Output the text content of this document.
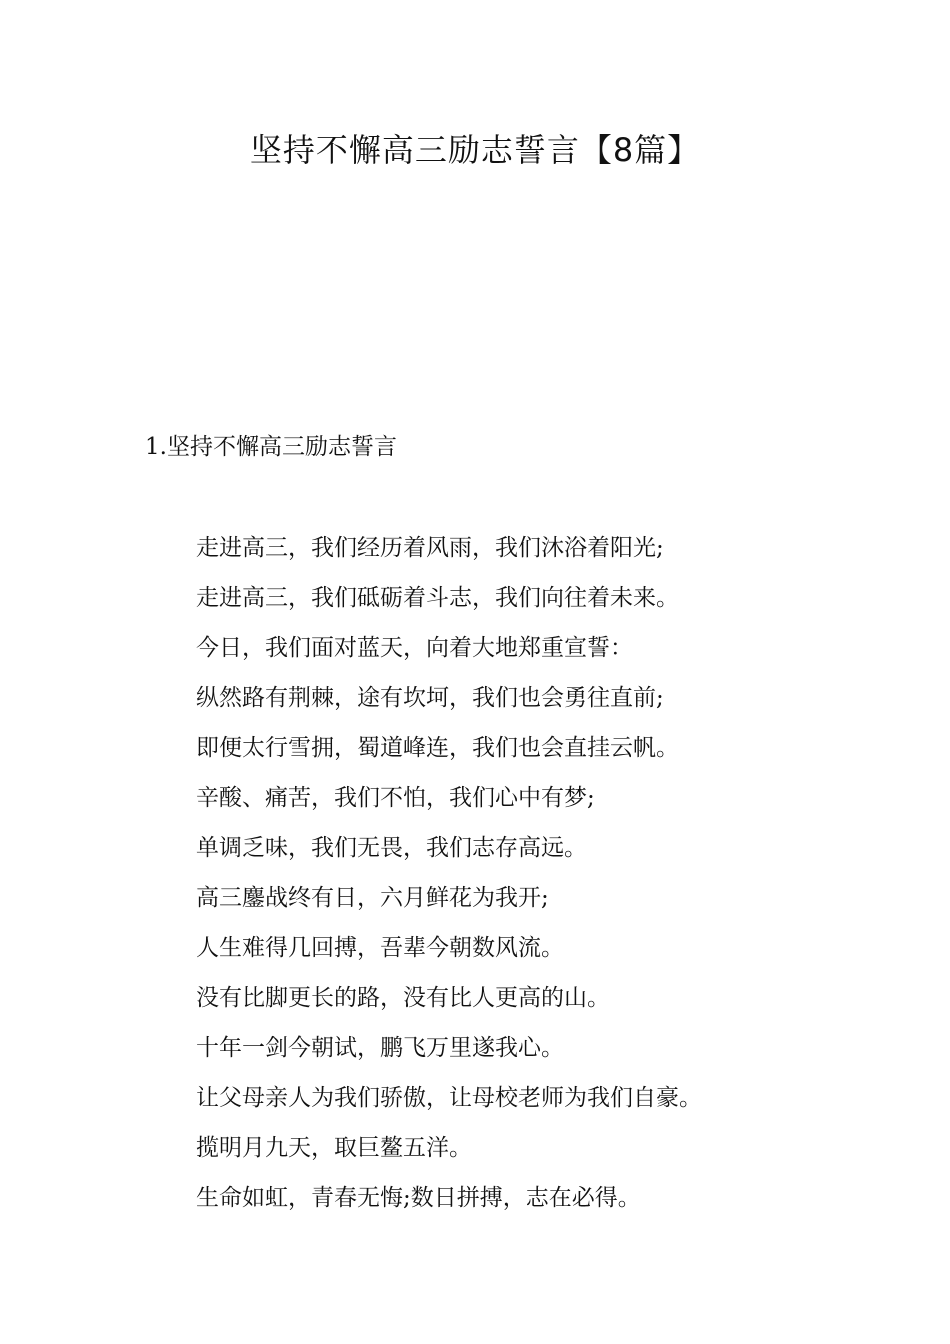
坚持不懈高三励志誓言【8篇】
1.坚持不懈高三励志誓言
走进高三，我们经历着风雨，我们沐浴着阳光;
走进高三，我们砥砺着斗志，我们向往着未来。
今日，我们面对蓝天，向着大地郑重宣誓：
纵然路有荆棘，途有坎坷，我们也会勇往直前;
即便太行雪拥，蜀道峰连，我们也会直挂云帆。
辛酸、痛苦，我们不怕，我们心中有梦;
单调乏味，我们无畏，我们志存高远。
高三鏖战终有日，六月鲜花为我开;
人生难得几回搏，吾辈今朝数风流。
没有比脚更长的路，没有比人更高的山。
十年一剑今朝试，鹏飞万里遂我心。
让父母亲人为我们骄傲，让母校老师为我们自豪。
揽明月九天，取巨鳌五洋。
生命如虹，青春无悔;数日拼搏，志在必得。
